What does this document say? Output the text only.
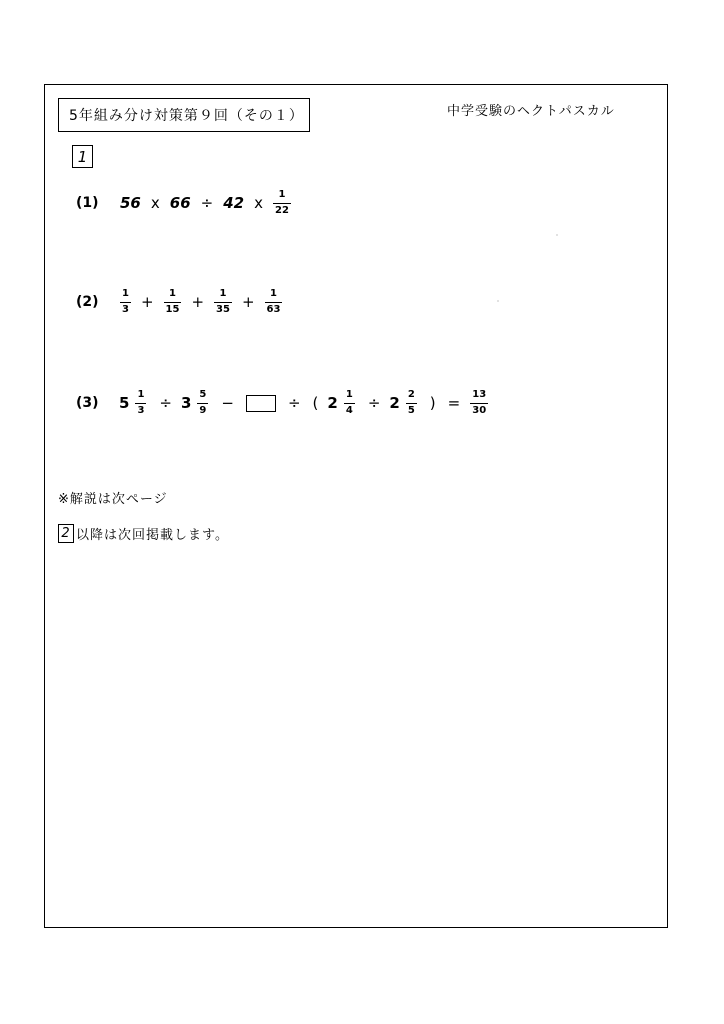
5年組み分け対策第９回（その１）	中学受験のヘクトパスカル
1
(1)	56 x 66 ÷ 42 x $\frac{1}{22}$
(2)	$\frac{1}{3} + \frac{1}{15} + \frac{1}{35} + \frac{1}{63}$
(3)	$5 \frac{1}{3} \div 3 \frac{5}{9}$ −	÷ ( $2 \frac{1}{4} \div 2 \frac{2}{5}$ ) = $\frac{13}{30}$
※解説は次ページ
2 以降は次回掲載します。
